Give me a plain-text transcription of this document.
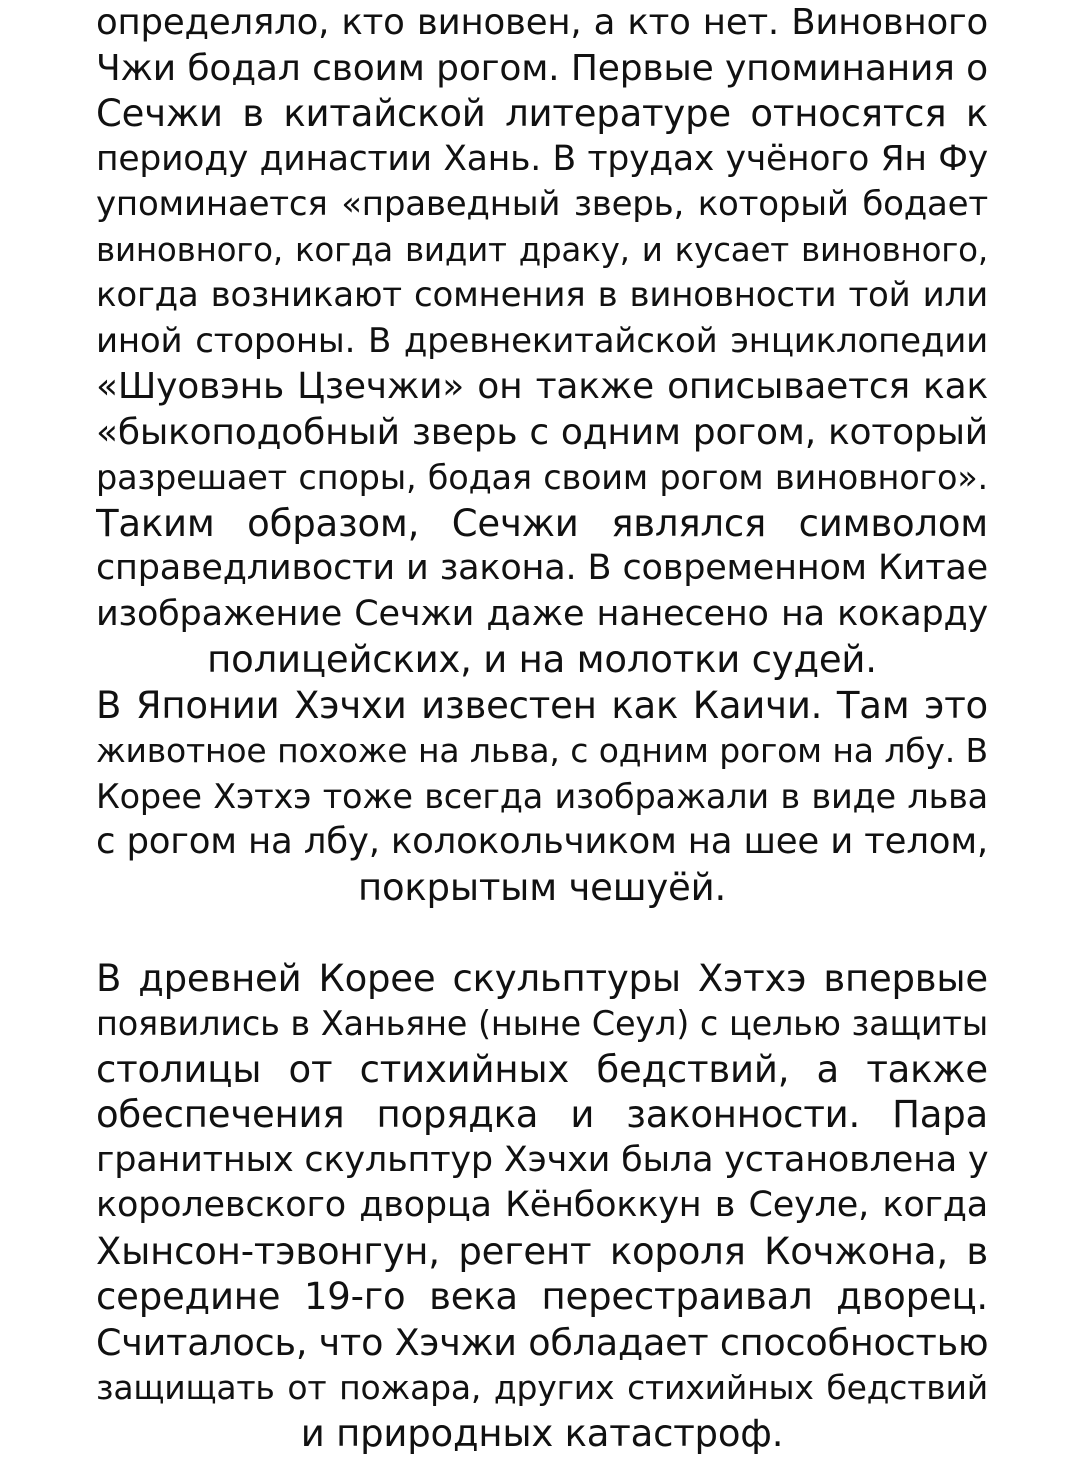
определяло, кто виновен, а кто нет. Виновного
Чжи бодал своим рогом. Первые упоминания о
Сечжи в китайской литературе относятся к
периоду династии Хань. В трудах учёного Ян Фу
упоминается «праведный зверь, который бодает
виновного, когда видит драку, и кусает виновного,
когда возникают сомнения в виновности той или
иной стороны. В древнекитайской энциклопедии
«Шуовэнь Цзечжи» он также описывается как
«быкоподобный зверь с одним рогом, который
разрешает споры, бодая своим рогом виновного».
Таким образом, Сечжи являлся символом
справедливости и закона. В современном Китае
изображение Сечжи даже нанесено на кокарду
полицейских, и на молотки судей.
В Японии Хэчхи известен как Каичи. Там это
животное похоже на льва, с одним рогом на лбу. В
Корее Хэтхэ тоже всегда изображали в виде льва
с рогом на лбу, колокольчиком на шее и телом,
покрытым чешуёй.
В древней Корее скульптуры Хэтхэ впервые
появились в Ханьяне (ныне Сеул) с целью защиты
столицы от стихийных бедствий, а также
обеспечения порядка и законности. Пара
гранитных скульптур Хэчхи была установлена у
королевского дворца Кёнбоккун в Сеуле, когда
Хынсон-тэвонгун, регент короля Кочжона, в
середине 19-го века перестраивал дворец.
Считалось, что Хэчжи обладает способностью
защищать от пожара, других стихийных бедствий
и природных катастроф.
